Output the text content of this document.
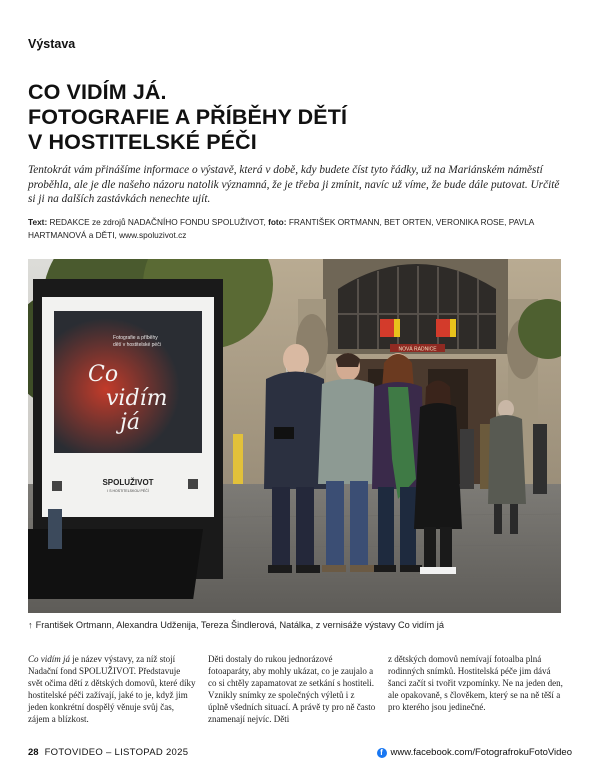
Výstava
CO VIDÍM JÁ.
FOTOGRAFIE A PŘÍBĚHY DĚTÍ
V HOSTITELSKÉ PÉČI
Tentokrát vám přinášíme informace o výstavě, která v době, kdy budete číst tyto řádky, už na Mariánském náměstí proběhla, ale je dle našeho názoru natolik významná, že je třeba ji zmínit, navíc už víme, že bude dále putovat. Určitě si ji na dalších zastávkách nenechte ujít.
Text: REDAKCE ze zdrojů NADAČNÍHO FONDU SPOLUŽIVOT, foto: FRANTIŠEK ORTMANN, BET ORTEN, VERONIKA ROSE, PAVLA HARTMANOVÁ a DĚTI, www.spoluzivot.cz
NOVÁ RADNICE
Fotografie a příběhy
dětí v hostitelské péči
Co
vidím
já
SPOLUŽIVOT
I S HOSTITELSKOU PÉČÍ
↑ František Ortmann, Alexandra Udženija, Tereza Šindlerová, Natálka, z vernisáže výstavy Co vidím já
Co vidím já je název výstavy, za níž stojí Nadační fond SPOLUŽIVOT. Představuje svět očima dětí z dětských domovů, které díky hostitelské péči zažívají, jaké to je, když jim jeden konkrétní dospělý věnuje svůj čas, zájem a blízkost.
Děti dostaly do rukou jednorázové fotoaparáty, aby mohly ukázat, co je zaujalo a co si chtěly zapamatovat ze setkání s hostiteli. Vznikly snímky ze společných výletů i z úplně všedních situací. A právě ty pro ně často znamenají nejvíc. Děti
z dětských domovů nemívají fotoalba plná rodinných snímků. Hostitelská péče jim dává šanci začít si tvořit vzpomínky. Ne na jeden den, ale opakovaně, s člověkem, který se na ně těší a pro kterého jsou jedinečné.
28 FOTOVIDEO – LISTOPAD 2025	f www.facebook.com/FotografrokuFotoVideo
